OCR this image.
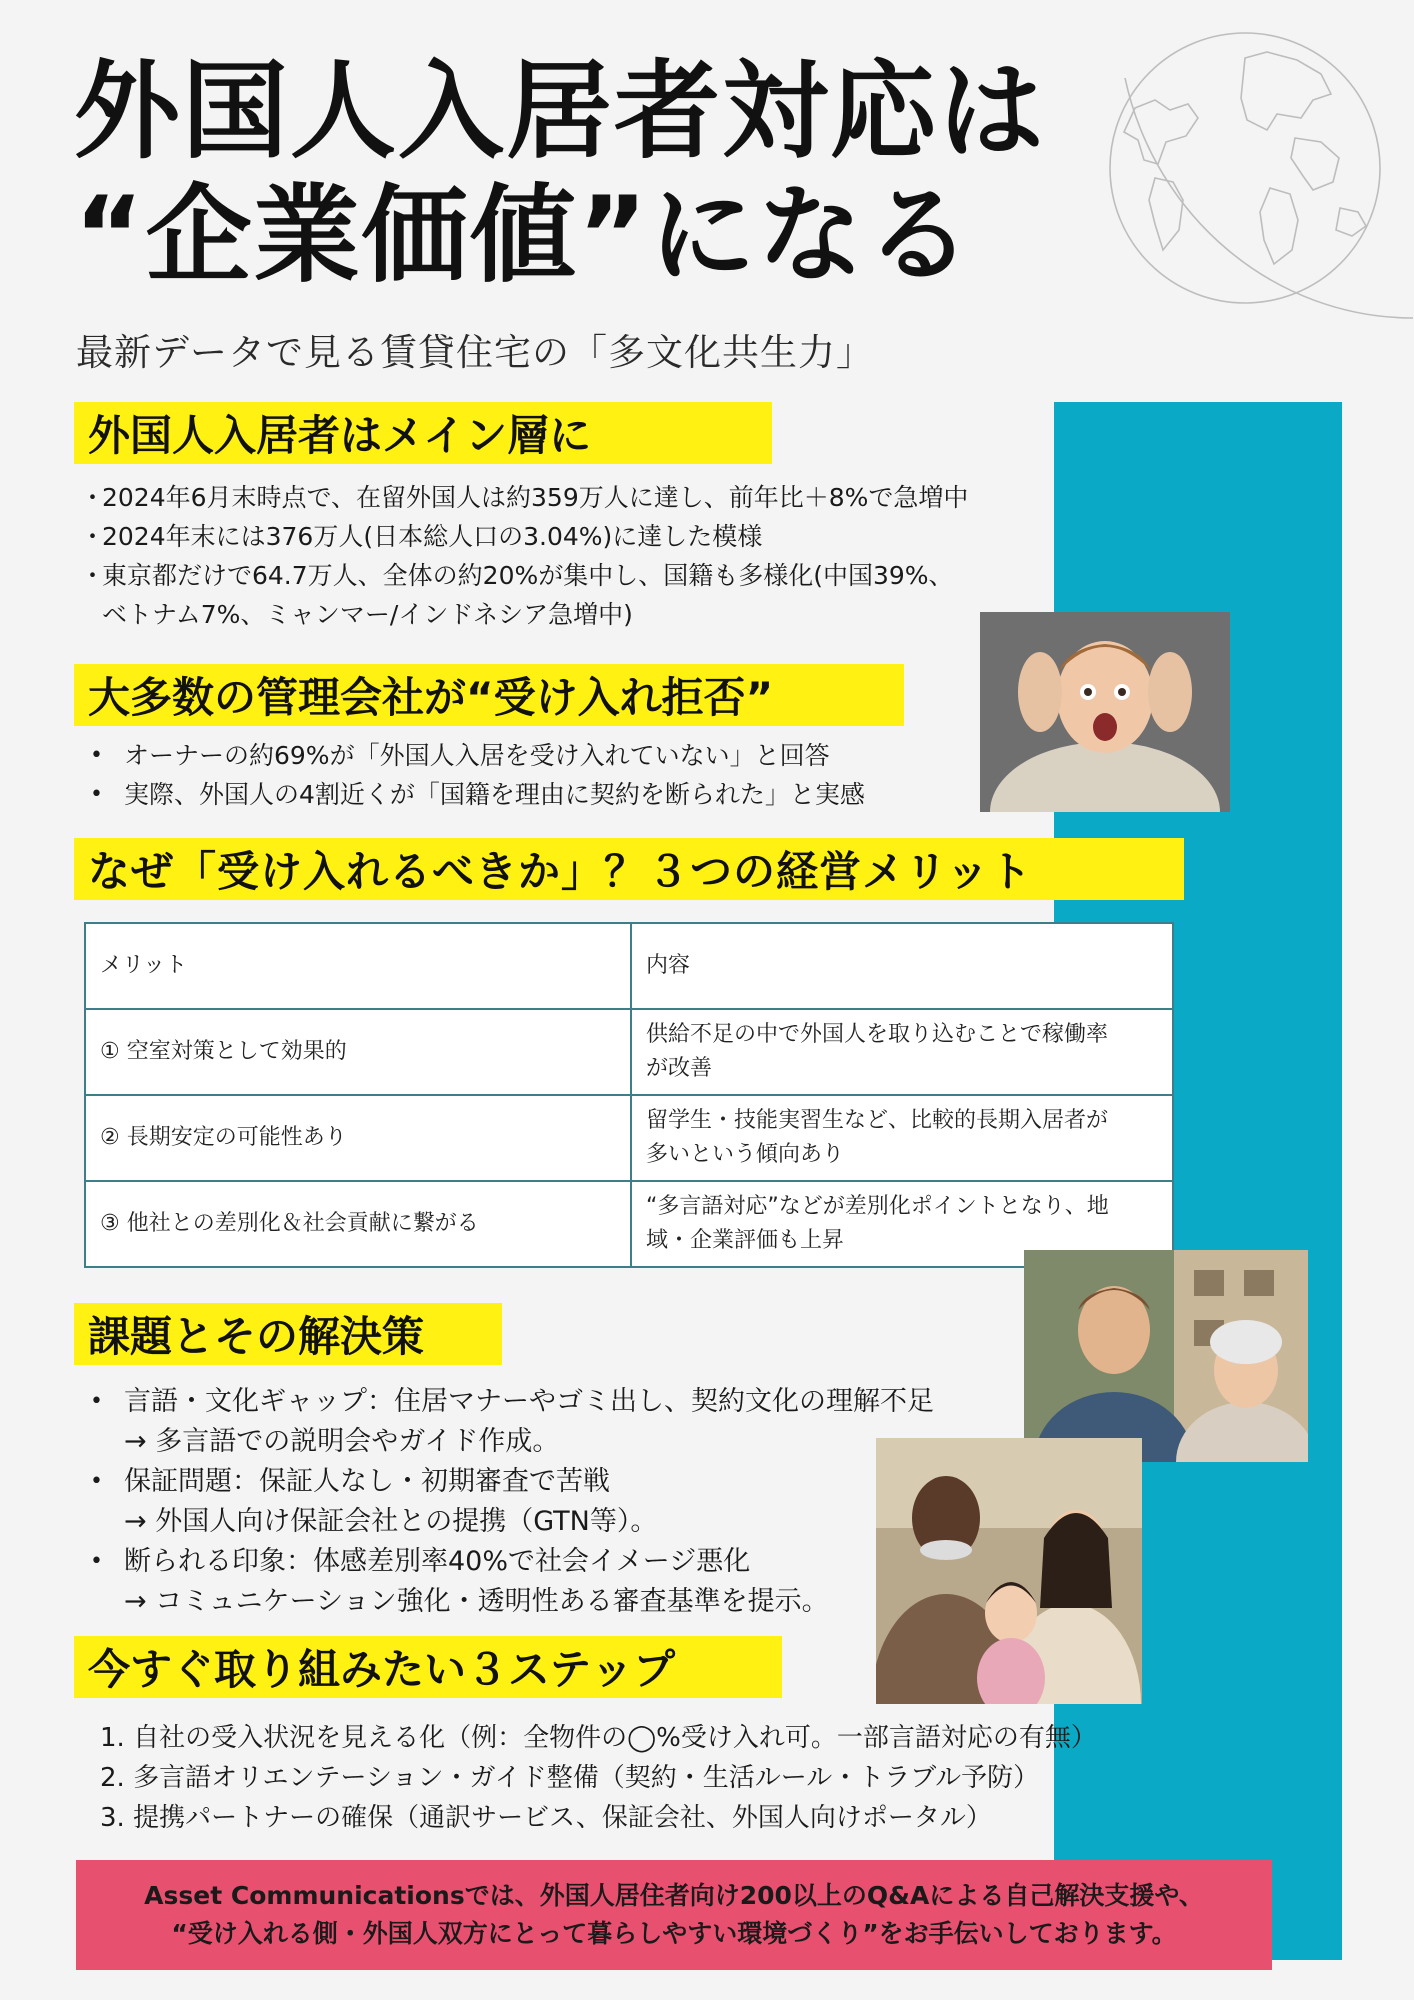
外国人入居者対応は
“企業価値”になる
最新データで見る賃貸住宅の「多文化共生力」
外国人入居者はメイン層に
・
2024年6月末時点で、在留外国人は約359万人に達し、前年比＋8%で急増中
・
2024年末には376万人(日本総人口の3.04%)に達した模様
・
東京都だけで64.7万人、全体の約20%が集中し、国籍も多様化(中国39%、
ベトナム7%、ミャンマー/インドネシア急増中)
大多数の管理会社が“受け入れ拒否”
• オーナーの約69%が「外国人入居を受け入れていない」と回答
• 実際、外国人の4割近くが「国籍を理由に契約を断られた」と実感
なぜ「受け入れるべきか」？３つの経営メリット
メリット	内容
① 空室対策として効果的	供給不足の中で外国人を取り込むことで稼働率
が改善
② 長期安定の可能性あり	留学生・技能実習生など、比較的長期入居者が
多いという傾向あり
③ 他社との差別化＆社会貢献に繋がる	“多言語対応”などが差別化ポイントとなり、地
域・企業評価も上昇
課題とその解決策
• 言語・文化ギャップ：住居マナーやゴミ出し、契約文化の理解不足
→ 多言語での説明会やガイド作成。
• 保証問題：保証人なし・初期審査で苦戦
→ 外国人向け保証会社との提携（GTN等）。
• 断られる印象：体感差別率40%で社会イメージ悪化
→ コミュニケーション強化・透明性ある審査基準を提示。
今すぐ取り組みたい３ステップ
1. 自社の受入状況を見える化（例：全物件の◯%受け入れ可。一部言語対応の有無）
2. 多言語オリエンテーション・ガイド整備（契約・生活ルール・トラブル予防）
3. 提携パートナーの確保（通訳サービス、保証会社、外国人向けポータル）
Asset Communicationsでは、外国人居住者向け200以上のQ&Aによる自己解決支援や、
“受け入れる側・外国人双方にとって暮らしやすい環境づくり”をお手伝いしております。
